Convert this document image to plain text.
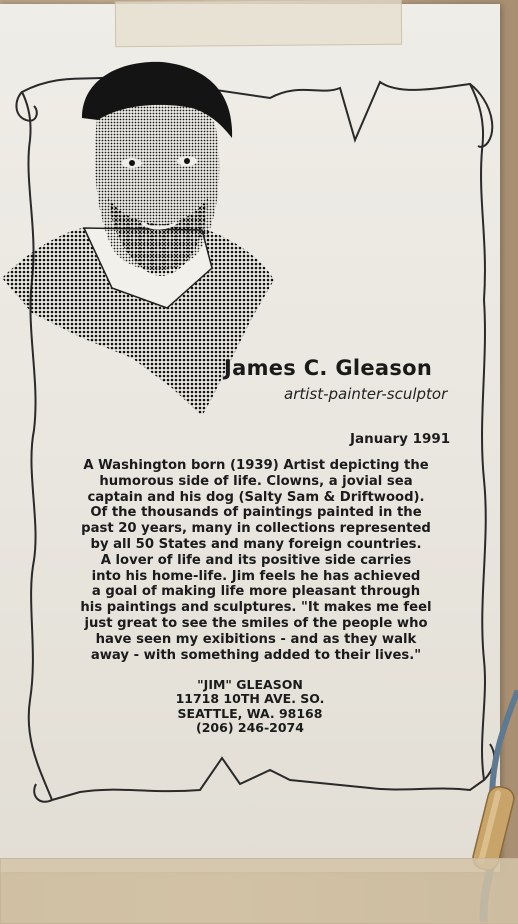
James C. Gleason
artist-painter-sculptor
January 1991
A Washington born (1939) Artist depicting the
humorous side of life. Clowns, a jovial sea
captain and his dog (Salty Sam & Driftwood).
Of the thousands of paintings painted in the
past 20 years, many in collections represented
by all 50 States and many foreign countries.
A lover of life and its positive side carries
into his home-life. Jim feels he has achieved
a goal of making life more pleasant through
his paintings and sculptures. "It makes me feel
just great to see the smiles of the people who
have seen my exibitions - and as they walk
away - with something added to their lives."
"JIM" GLEASON
11718 10TH AVE. SO.
SEATTLE, WA. 98168
(206) 246-2074
